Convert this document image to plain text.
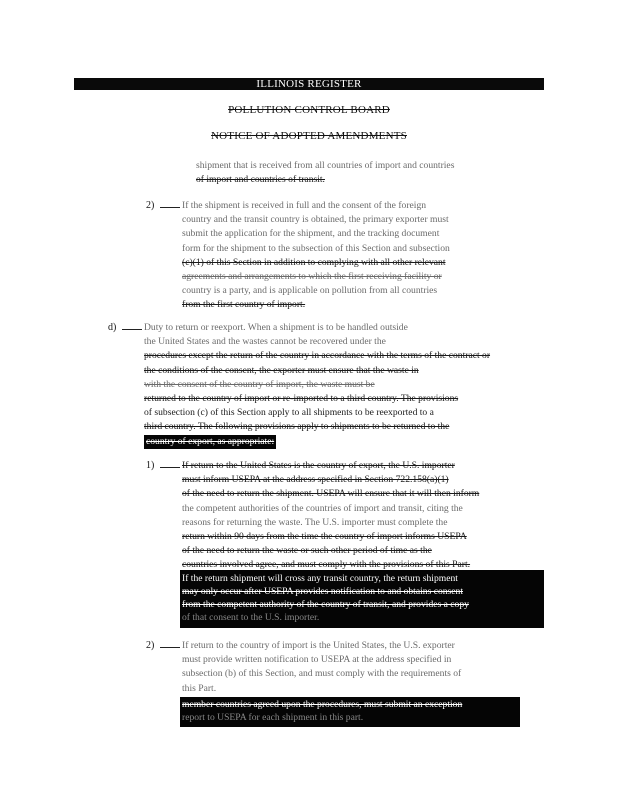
ILLINOIS REGISTER
POLLUTION CONTROL BOARD
NOTICE OF ADOPTED AMENDMENTS
shipment that is received from all countries of import and countries
of import and countries of transit.
2)	If the shipment is received in full and the consent of the foreign
country and the transit country is obtained, the primary exporter must
submit the application for the shipment, and the tracking document
form for the shipment to the subsection of this Section and subsection
(c)(1) of this Section in addition to complying with all other relevant
agreements and arrangements to which the first receiving facility or
country is a party, and is applicable on pollution from all countries
from the first country of import.
d)	Duty to return or reexport. When a shipment is to be handled outside
the United States and the wastes cannot be recovered under the
procedures except the return of the country in accordance with the terms of the contract or
the conditions of the consent, the exporter must ensure that the waste in
with the consent of the country of import, the waste must be
returned to the country of import or re-imported to a third country. The provisions
of subsection (c) of this Section apply to all shipments to be reexported to a
third country. The following provisions apply to shipments to be returned to the
country of export, as appropriate:
1)	If return to the United States is the country of export, the U.S. importer
must inform USEPA at the address specified in Section 722.158(a)(1)
of the need to return the shipment. USEPA will ensure that it will then inform
the competent authorities of the countries of import and transit, citing the
reasons for returning the waste. The U.S. importer must complete the
return within 90 days from the time the country of import informs USEPA
of the need to return the waste or such other period of time as the
countries involved agree, and must comply with the provisions of this Part.
If the return shipment will cross any transit country, the return shipment
may only occur after USEPA provides notification to and obtains consent
from the competent authority of the country of transit, and provides a copy
of that consent to the U.S. importer.
2)	If return to the country of import is the United States, the U.S. exporter
must provide written notification to USEPA at the address specified in
subsection (b) of this Section, and must comply with the requirements of
this Part.
member countries agreed upon the procedures, must submit an exception
report to USEPA for each shipment in this part.
